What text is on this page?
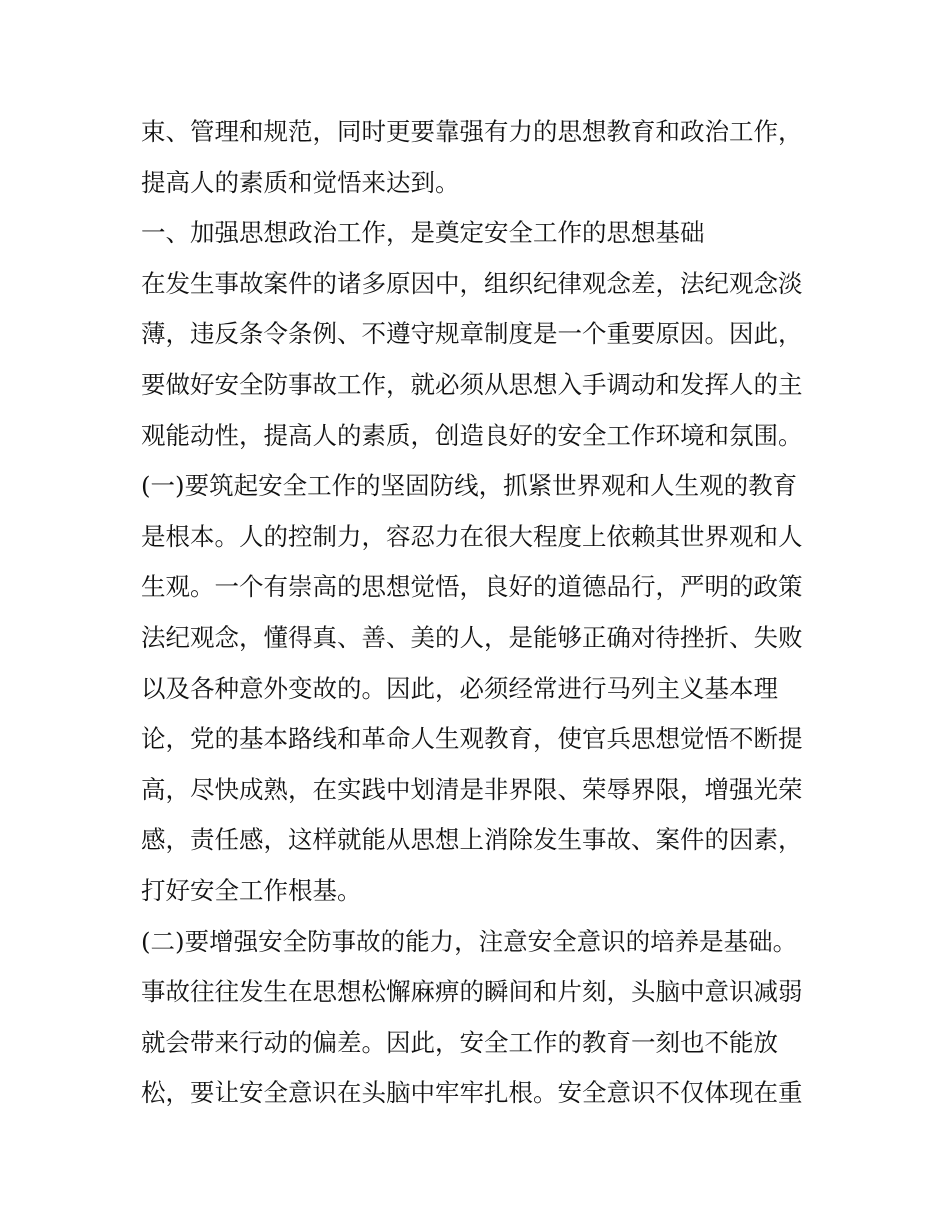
束、管理和规范，同时更要靠强有力的思想教育和政治工作，
提高人的素质和觉悟来达到。
一、加强思想政治工作，是奠定安全工作的思想基础
在发生事故案件的诸多原因中，组织纪律观念差，法纪观念淡
薄，违反条令条例、不遵守规章制度是一个重要原因。因此，
要做好安全防事故工作，就必须从思想入手调动和发挥人的主
观能动性，提高人的素质，创造良好的安全工作环境和氛围。
(一)要筑起安全工作的坚固防线，抓紧世界观和人生观的教育
是根本。人的控制力，容忍力在很大程度上依赖其世界观和人
生观。一个有崇高的思想觉悟，良好的道德品行，严明的政策
法纪观念，懂得真、善、美的人，是能够正确对待挫折、失败
以及各种意外变故的。因此，必须经常进行马列主义基本理
论，党的基本路线和革命人生观教育，使官兵思想觉悟不断提
高，尽快成熟，在实践中划清是非界限、荣辱界限，增强光荣
感，责任感，这样就能从思想上消除发生事故、案件的因素，
打好安全工作根基。
(二)要增强安全防事故的能力，注意安全意识的培养是基础。
事故往往发生在思想松懈麻痹的瞬间和片刻，头脑中意识减弱
就会带来行动的偏差。因此，安全工作的教育一刻也不能放
松，要让安全意识在头脑中牢牢扎根。安全意识不仅体现在重
